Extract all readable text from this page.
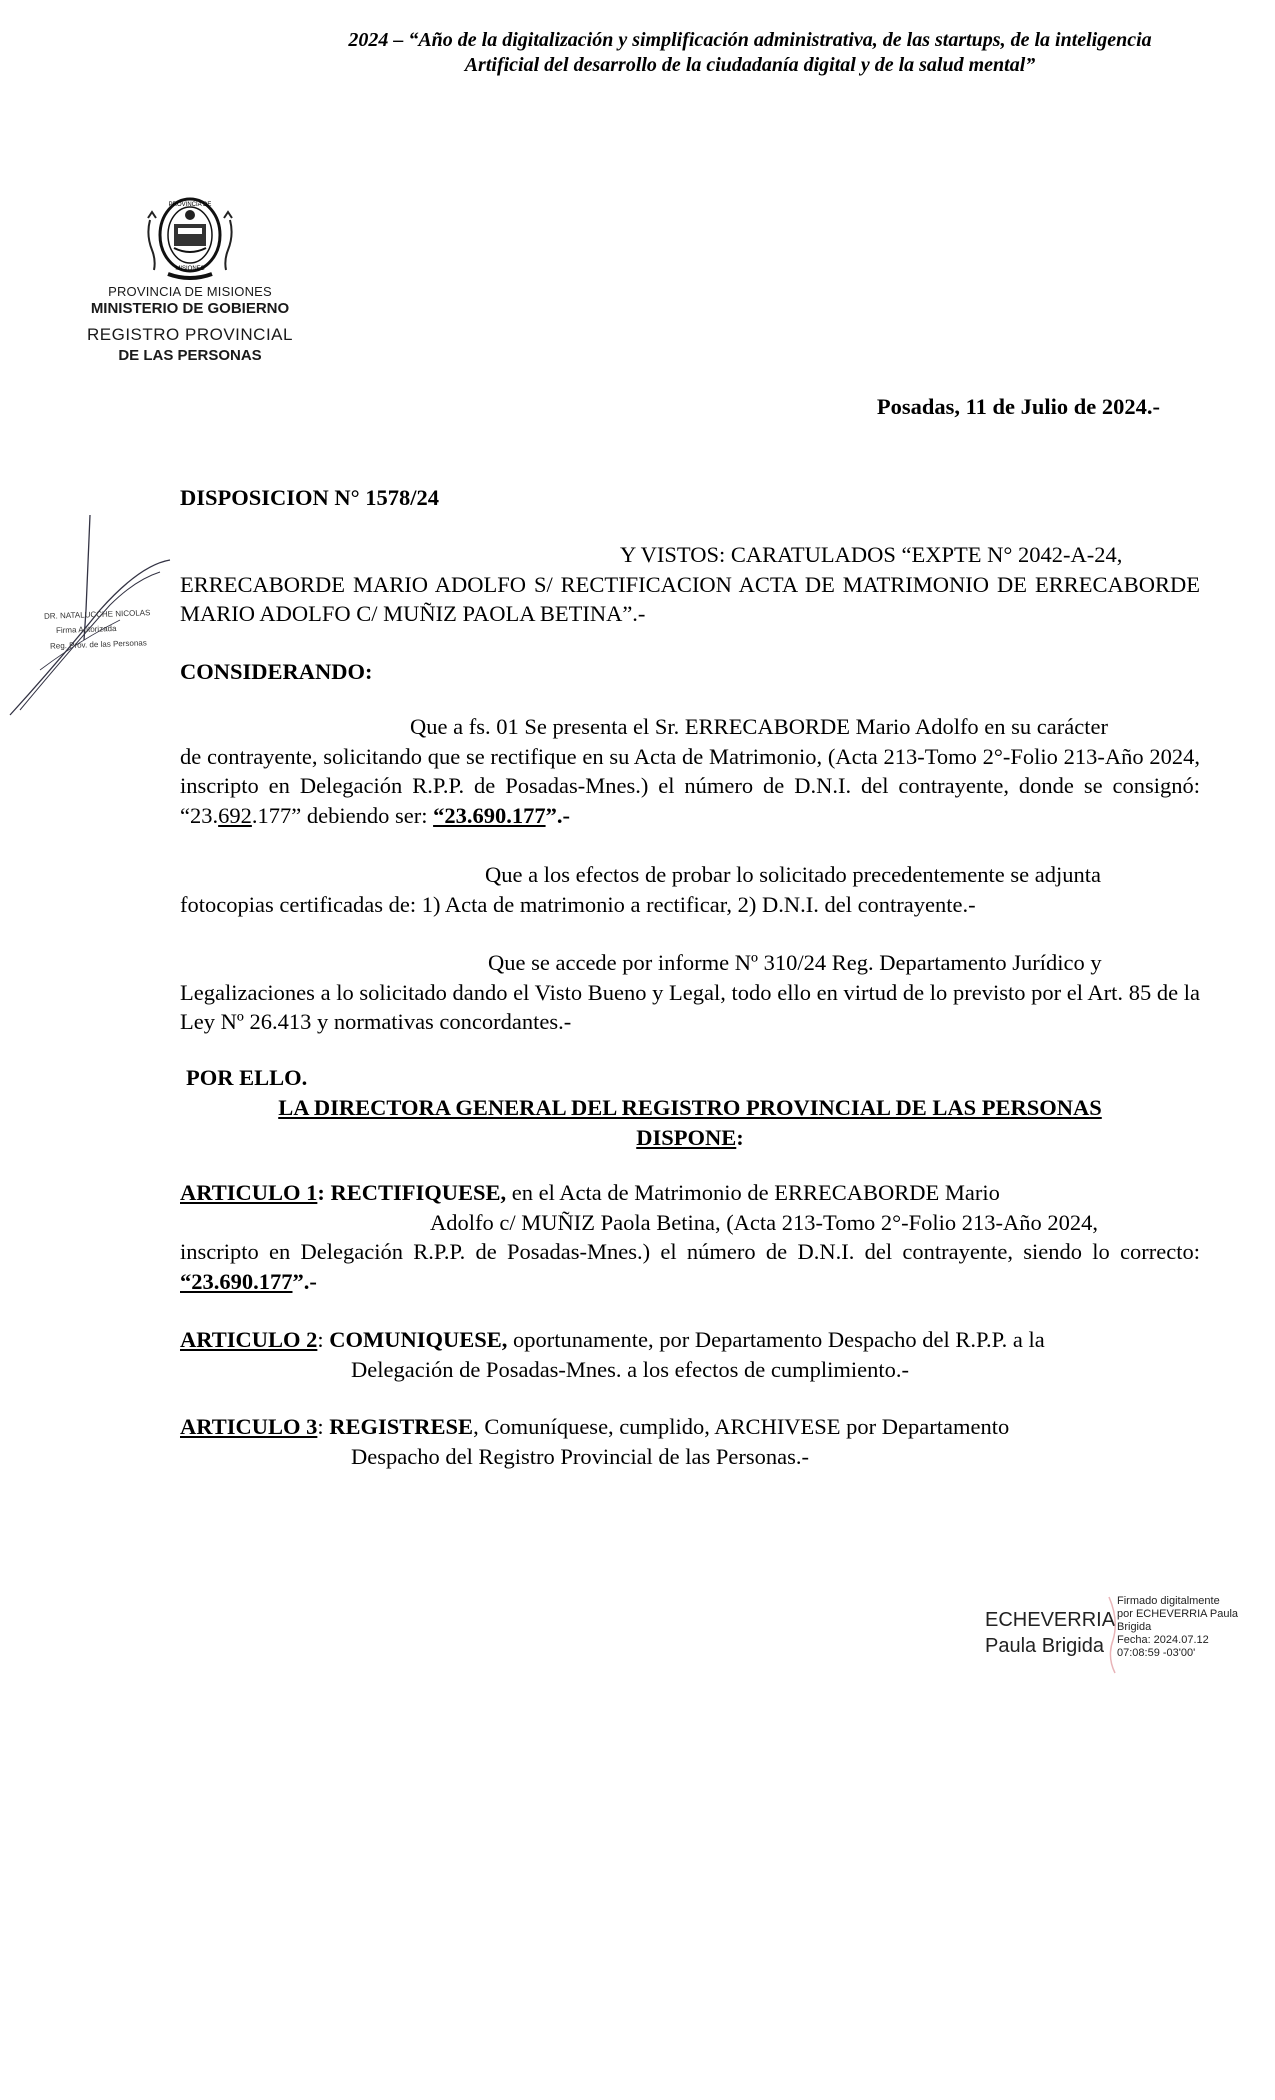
2024 – “Año de la digitalización y simplificación administrativa, de las startups, de la inteligencia
Artificial del desarrollo de la ciudadanía digital y de la salud mental”
PROVINCIA DE
MISIONES
PROVINCIA DE MISIONES
MINISTERIO DE GOBIERNO
REGISTRO PROVINCIAL
DE LAS PERSONAS
Posadas, 11 de Julio de 2024.-
DISPOSICION N° 1578/24
Y VISTOS: CARATULADOS “EXPTE N° 2042-A-24,
ERRECABORDE MARIO ADOLFO S/ RECTIFICACION ACTA DE MATRIMONIO DE ERRECABORDE MARIO ADOLFO C/ MUÑIZ PAOLA BETINA”.-
CONSIDERANDO:
Que a fs. 01 Se presenta el Sr. ERRECABORDE Mario Adolfo en su carácter
de contrayente, solicitando que se rectifique en su Acta de Matrimonio, (Acta 213-Tomo 2°-Folio 213-Año 2024, inscripto en Delegación R.P.P. de Posadas-Mnes.) el número de D.N.I. del contrayente, donde se consignó: “23.692.177” debiendo ser: “23.690.177”.-
Que a los efectos de probar lo solicitado precedentemente se adjunta
fotocopias certificadas de: 1) Acta de matrimonio a rectificar, 2) D.N.I. del contrayente.-
Que se accede por informe Nº 310/24 Reg. Departamento Jurídico y
Legalizaciones a lo solicitado dando el Visto Bueno y Legal, todo ello en virtud de lo previsto por el Art. 85 de la Ley Nº 26.413 y normativas concordantes.-
POR ELLO.
LA DIRECTORA GENERAL DEL REGISTRO PROVINCIAL DE LAS PERSONAS
DISPONE:
ARTICULO 1: RECTIFIQUESE, en el Acta de Matrimonio de ERRECABORDE Mario
Adolfo c/ MUÑIZ Paola Betina, (Acta 213-Tomo 2°-Folio 213-Año 2024,
inscripto en Delegación R.P.P. de Posadas-Mnes.) el número de D.N.I. del contrayente, siendo lo correcto: “23.690.177”.-
ARTICULO 2: COMUNIQUESE, oportunamente, por Departamento Despacho del R.P.P. a la
Delegación de Posadas-Mnes. a los efectos de cumplimiento.-
ARTICULO 3: REGISTRESE, Comuníquese, cumplido, ARCHIVESE por Departamento
Despacho del Registro Provincial de las Personas.-
DR. NATALUCCHE NICOLAS
Firma Autorizada
Reg. Prov. de las Personas
ECHEVERRIA
Paula Brigida
Firmado digitalmente
por ECHEVERRIA Paula
Brigida
Fecha: 2024.07.12
07:08:59 -03'00'
